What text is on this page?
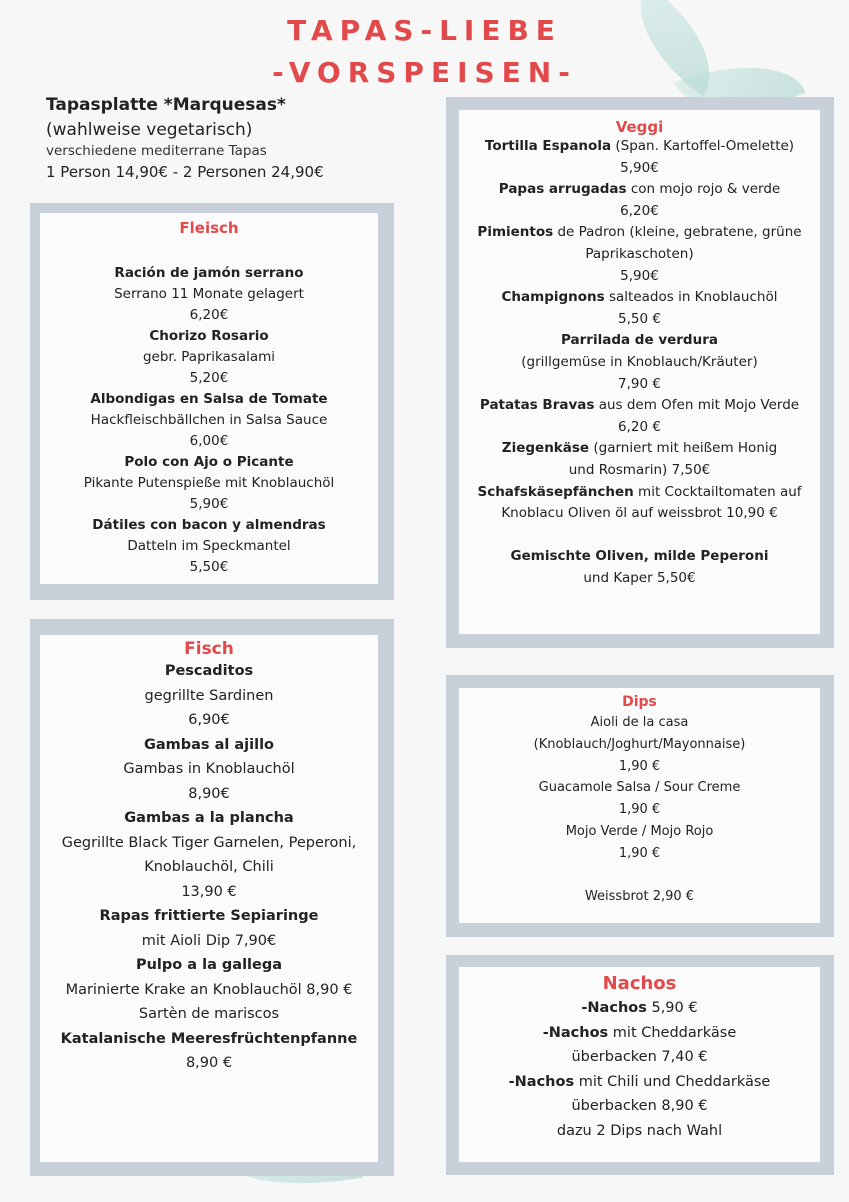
TAPAS-LIEBE
-VORSPEISEN-
Tapasplatte *Marquesas*
(wahlweise vegetarisch)
verschiedene mediterrane Tapas
1 Person 14,90€ - 2 Personen 24,90€
Fleisch
Ración de jamón serrano
Serrano 11 Monate gelagert
6,20€
Chorizo Rosario
gebr. Paprikasalami
5,20€
Albondigas en Salsa de Tomate
Hackfleischbällchen in Salsa Sauce
6,00€
Polo con Ajo o Picante
Pikante Putenspieße mit Knoblauchöl
5,90€
Dátiles con bacon y almendras
Datteln im Speckmantel
5,50€
Veggi
Tortilla Espanola (Span. Kartoffel-Omelette)
5,90€
Papas arrugadas con mojo rojo & verde
6,20€
Pimientos de Padron (kleine, gebratene, grüne
Paprikaschoten)
5,90€
Champignons salteados in Knoblauchöl
5,50 €
Parrilada de verdura
(grillgemüse in Knoblauch/Kräuter)
7,90 €
Patatas Bravas aus dem Ofen mit Mojo Verde
6,20 €
Ziegenkäse (garniert mit heißem Honig
und Rosmarin) 7,50€
Schafskäsepfänchen mit Cocktailtomaten auf
Knoblacu Oliven öl auf weissbrot 10,90 €

Gemischte Oliven, milde Peperoni
und Kaper 5,50€
Fisch
Pescaditos
gegrillte Sardinen
6,90€
Gambas al ajillo
Gambas in Knoblauchöl
8,90€
Gambas a la plancha
Gegrillte Black Tiger Garnelen, Peperoni,
Knoblauchöl, Chili
13,90 €
Rapas frittierte Sepiaringe
mit Aioli Dip 7,90€
Pulpo a la gallega
Marinierte Krake an Knoblauchöl 8,90 €
Sartèn de mariscos
Katalanische Meeresfrüchtenpfanne
8,90 €
Dips
Aioli de la casa
(Knoblauch/Joghurt/Mayonnaise)
1,90 €
Guacamole Salsa / Sour Creme
1,90 €
Mojo Verde / Mojo Rojo
1,90 €

Weissbrot 2,90 €
Nachos
-Nachos 5,90 €
-Nachos mit Cheddarkäse
überbacken 7,40 €
-Nachos mit Chili und Cheddarkäse
überbacken 8,90 €
dazu 2 Dips nach Wahl
